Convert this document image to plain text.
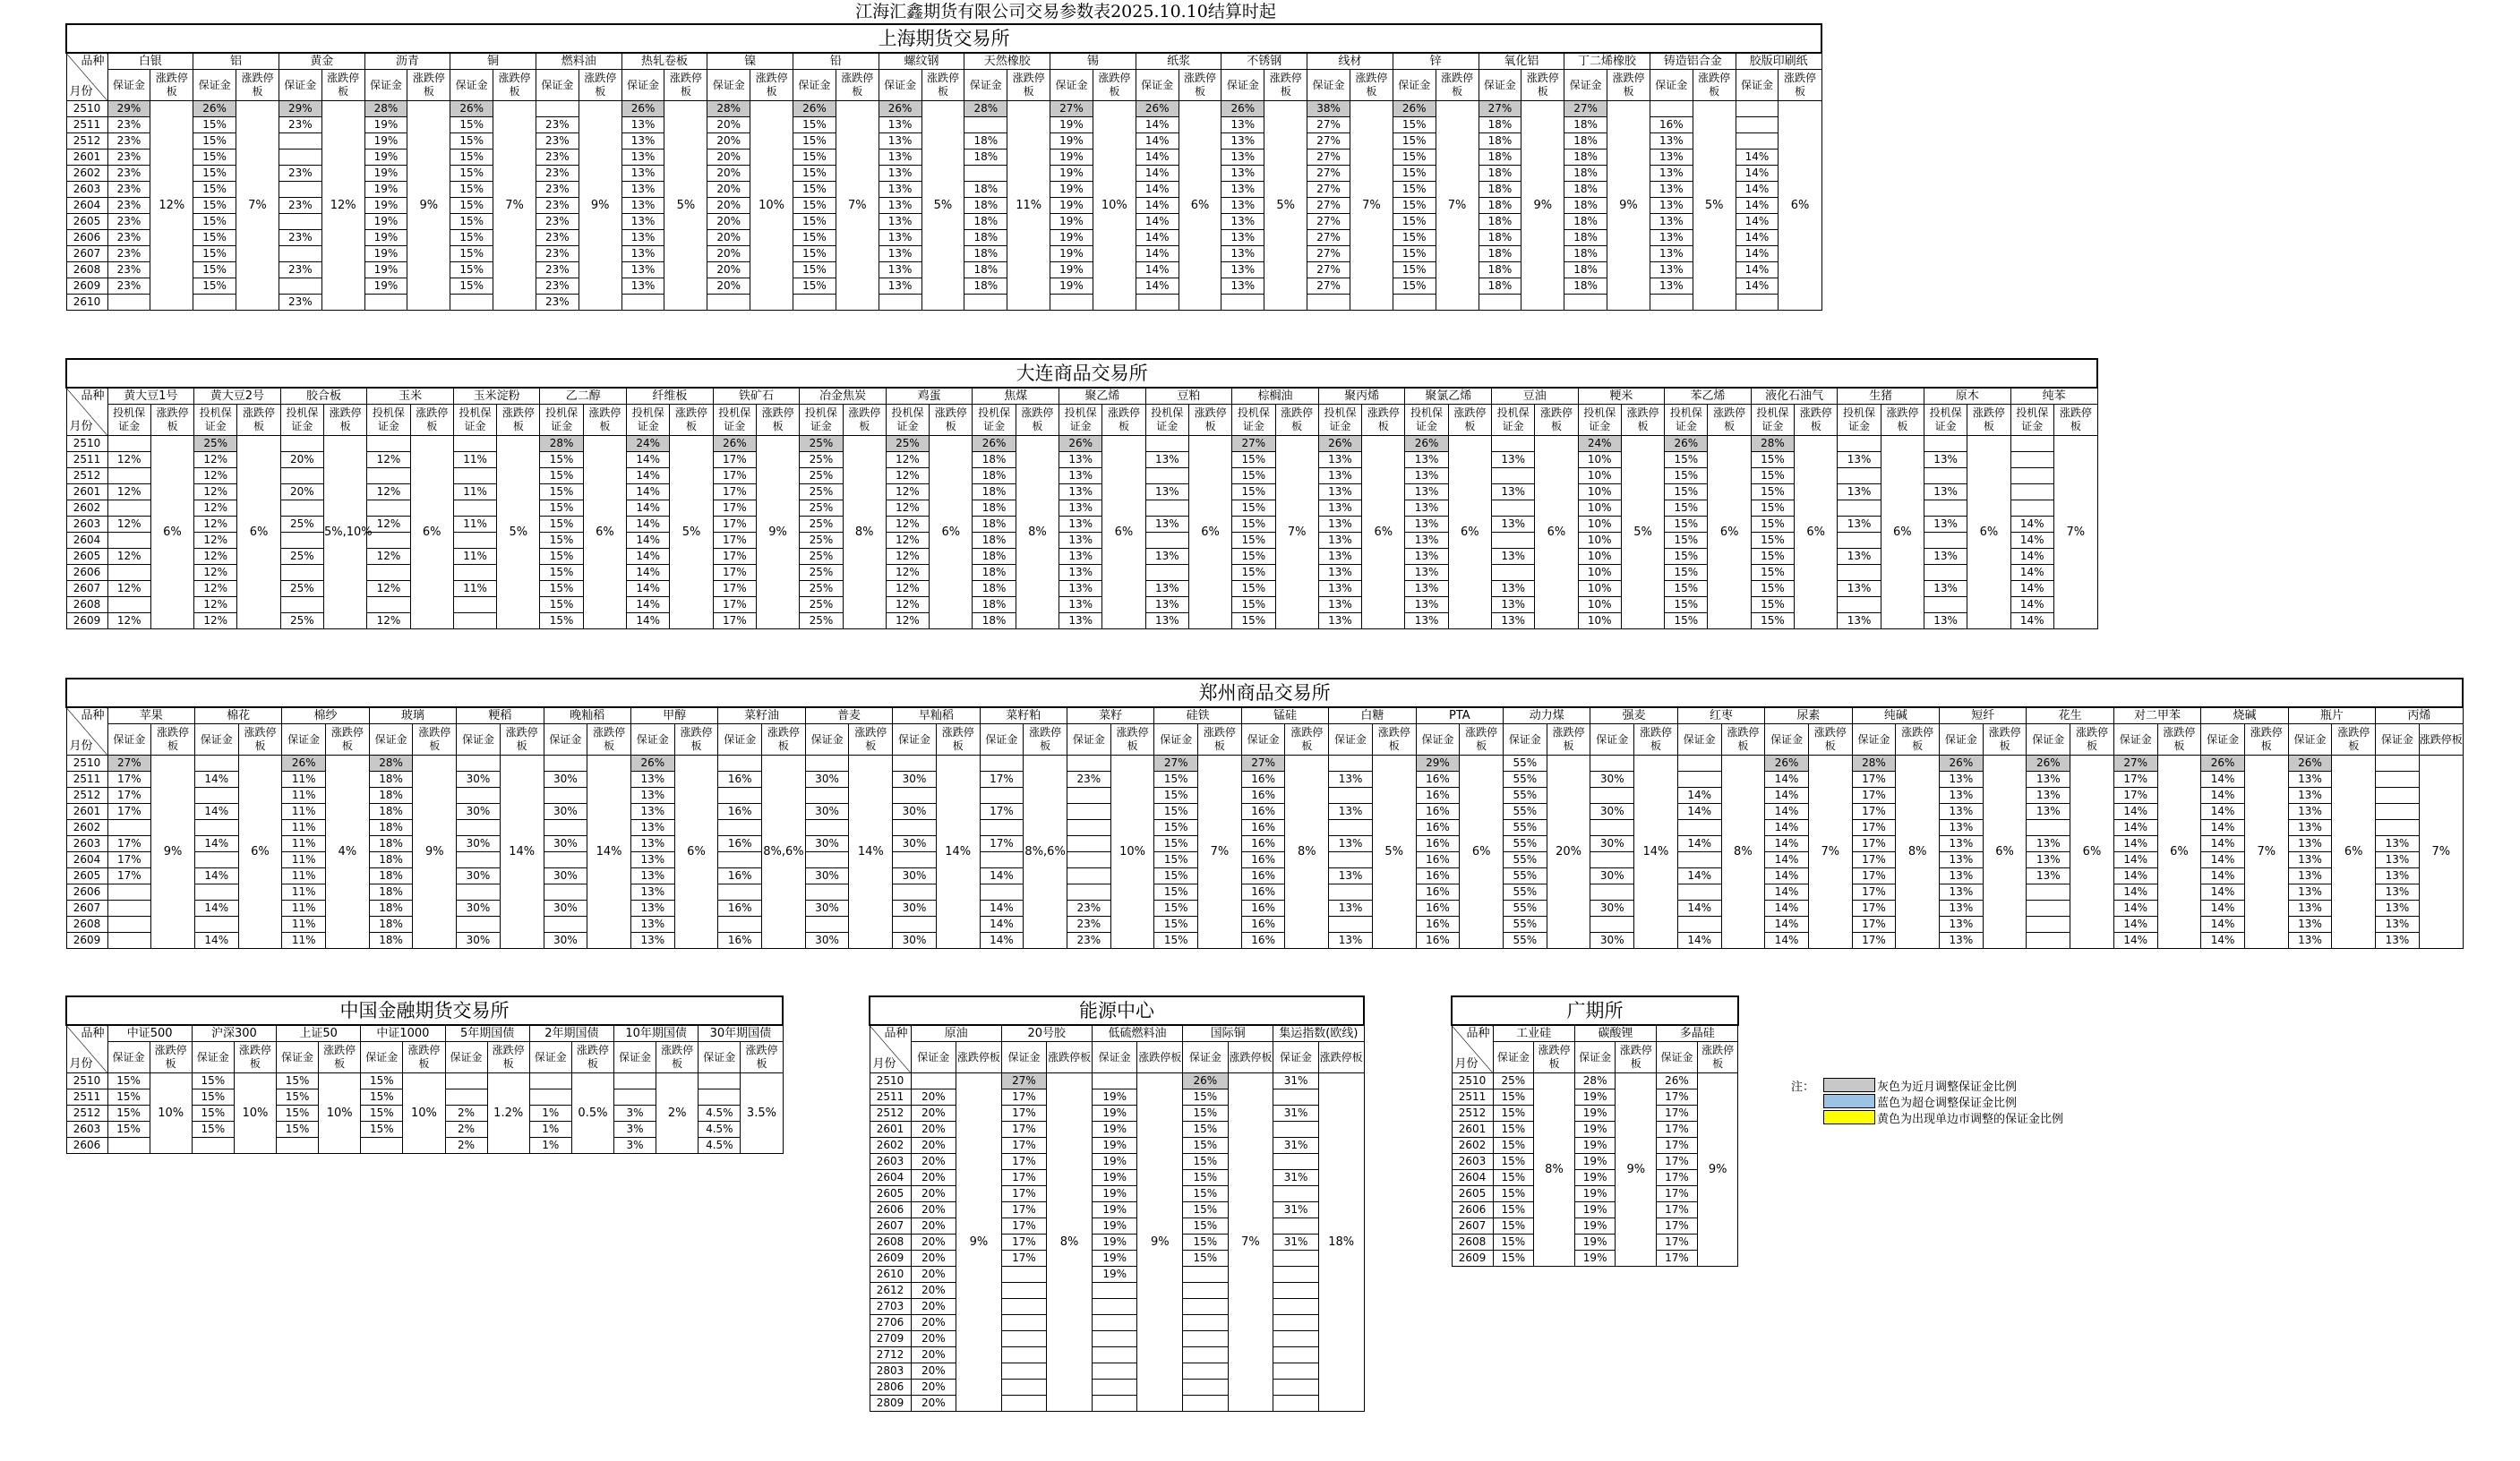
江海汇鑫期货有限公司交易参数表2025.10.10结算时起
上海期货交易所																																								

品种
月份	白银		铝		黄金		沥青		铜		燃料油		热轧卷板		镍		铅		螺纹钢		天然橡胶		锡		纸浆		不锈钢		线材		锌		氧化铝		丁二烯橡胶		铸造铝合金		胶版印刷纸	
	保证金	涨跌停板	保证金	涨跌停板	保证金	涨跌停板	保证金	涨跌停板	保证金	涨跌停板	保证金	涨跌停板	保证金	涨跌停板	保证金	涨跌停板	保证金	涨跌停板	保证金	涨跌停板	保证金	涨跌停板	保证金	涨跌停板	保证金	涨跌停板	保证金	涨跌停板	保证金	涨跌停板	保证金	涨跌停板	保证金	涨跌停板	保证金	涨跌停板	保证金	涨跌停板	保证金	涨跌停板
2510	29%	12%	26%	7%	29%	12%	28%	9%	26%	7%		9%	26%	5%	28%	10%	26%	7%	26%	5%	28%	11%	27%	10%	26%	6%	26%	5%	38%	7%	26%	7%	27%	9%	27%	9%		5%		6%
2511	23%		15%		23%		19%		15%		23%		13%		20%		15%		13%				19%		14%		13%		27%		15%		18%		18%		16%			
2512	23%		15%				19%		15%		23%		13%		20%		15%		13%		18%		19%		14%		13%		27%		15%		18%		18%		13%			
2601	23%		15%				19%		15%		23%		13%		20%		15%		13%		18%		19%		14%		13%		27%		15%		18%		18%		13%		14%	
2602	23%		15%		23%		19%		15%		23%		13%		20%		15%		13%				19%		14%		13%		27%		15%		18%		18%		13%		14%	
2603	23%		15%				19%		15%		23%		13%		20%		15%		13%		18%		19%		14%		13%		27%		15%		18%		18%		13%		14%	
2604	23%		15%		23%		19%		15%		23%		13%		20%		15%		13%		18%		19%		14%		13%		27%		15%		18%		18%		13%		14%	
2605	23%		15%				19%		15%		23%		13%		20%		15%		13%		18%		19%		14%		13%		27%		15%		18%		18%		13%		14%	
2606	23%		15%		23%		19%		15%		23%		13%		20%		15%		13%		18%		19%		14%		13%		27%		15%		18%		18%		13%		14%	
2607	23%		15%				19%		15%		23%		13%		20%		15%		13%		18%		19%		14%		13%		27%		15%		18%		18%		13%		14%	
2608	23%		15%		23%		19%		15%		23%		13%		20%		15%		13%		18%		19%		14%		13%		27%		15%		18%		18%		13%		14%	
2609	23%		15%				19%		15%		23%		13%		20%		15%		13%		18%		19%		14%		13%		27%		15%		18%		18%		13%		14%	
2610					23%						23%																													
大连商品交易所																																														

品种
月份	黄大豆1号		黄大豆2号		胶合板		玉米		玉米淀粉		乙二醇		纤维板		铁矿石		冶金焦炭		鸡蛋		焦煤		聚乙烯		豆粕		棕榈油		聚丙烯		聚氯乙烯		豆油		粳米		苯乙烯		液化石油气		生猪		原木		纯苯	
	投机保证金	涨跌停板	投机保证金	涨跌停板	投机保证金	涨跌停板	投机保证金	涨跌停板	投机保证金	涨跌停板	投机保证金	涨跌停板	投机保证金	涨跌停板	投机保证金	涨跌停板	投机保证金	涨跌停板	投机保证金	涨跌停板	投机保证金	涨跌停板	投机保证金	涨跌停板	投机保证金	涨跌停板	投机保证金	涨跌停板	投机保证金	涨跌停板	投机保证金	涨跌停板	投机保证金	涨跌停板	投机保证金	涨跌停板	投机保证金	涨跌停板	投机保证金	涨跌停板	投机保证金	涨跌停板	投机保证金	涨跌停板	投机保证金	涨跌停板
2510		6%	25%	6%		5%,10%		6%		5%	28%	6%	24%	5%	26%	9%	25%	8%	25%	6%	26%	8%	26%	6%		6%	27%	7%	26%	6%	26%	6%		6%	24%	5%	26%	6%	28%	6%		6%		6%		7%
2511	12%		12%		20%		12%		11%		15%		14%		17%		25%		12%		18%		13%		13%		15%		13%		13%		13%		10%		15%		15%		13%		13%			
2512			12%								15%		14%		17%		25%		12%		18%		13%				15%		13%		13%				10%		15%		15%							
2601	12%		12%		20%		12%		11%		15%		14%		17%		25%		12%		18%		13%		13%		15%		13%		13%		13%		10%		15%		15%		13%		13%			
2602			12%								15%		14%		17%		25%		12%		18%		13%				15%		13%		13%				10%		15%		15%							
2603	12%		12%		25%		12%		11%		15%		14%		17%		25%		12%		18%		13%		13%		15%		13%		13%		13%		10%		15%		15%		13%		13%		14%	
2604			12%								15%		14%		17%		25%		12%		18%		13%				15%		13%		13%				10%		15%		15%						14%	
2605	12%		12%		25%		12%		11%		15%		14%		17%		25%		12%		18%		13%		13%		15%		13%		13%		13%		10%		15%		15%		13%		13%		14%	
2606			12%								15%		14%		17%		25%		12%		18%		13%				15%		13%		13%				10%		15%		15%						14%	
2607	12%		12%		25%		12%		11%		15%		14%		17%		25%		12%		18%		13%		13%		15%		13%		13%		13%		10%		15%		15%		13%		13%		14%	
2608			12%								15%		14%		17%		25%		12%		18%		13%		13%		15%		13%		13%		13%		10%		15%		15%						14%	
2609	12%		12%		25%		12%				15%		14%		17%		25%		12%		18%		13%		13%		15%		13%		13%		13%		10%		15%		15%		13%		13%		14%	
郑州商品交易所																																																						

品种
月份	苹果		棉花		棉纱		玻璃		粳稻		晚籼稻		甲醇		菜籽油		普麦		早籼稻		菜籽粕		菜籽		硅铁		锰硅		白糖		PTA		动力煤		强麦		红枣		尿素		纯碱		短纤		花生		对二甲苯		烧碱		瓶片		丙烯	
	保证金	涨跌停板	保证金	涨跌停板	保证金	涨跌停板	保证金	涨跌停板	保证金	涨跌停板	保证金	涨跌停板	保证金	涨跌停板	保证金	涨跌停板	保证金	涨跌停板	保证金	涨跌停板	保证金	涨跌停板	保证金	涨跌停板	保证金	涨跌停板	保证金	涨跌停板	保证金	涨跌停板	保证金	涨跌停板	保证金	涨跌停板	保证金	涨跌停板	保证金	涨跌停板	保证金	涨跌停板	保证金	涨跌停板	保证金	涨跌停板	保证金	涨跌停板	保证金	涨跌停板	保证金	涨跌停板	保证金	涨跌停板	保证金	涨跌停板
2510	27%	9%		6%	26%	4%	28%	9%		14%		14%	26%	6%		8%,6%		14%		14%		8%,6%		10%	27%	7%	27%	8%		5%	29%	6%	55%	20%		14%		8%	26%	7%	28%	8%	26%	6%	26%	6%	27%	6%	26%	7%	26%	6%		7%
2511	17%		14%		11%		18%		30%		30%		13%		16%		30%		30%		17%		23%		15%		16%		13%		16%		55%		30%				14%		17%		13%		13%		17%		14%		13%			
2512	17%				11%		18%						13%												15%		16%				16%		55%				14%		14%		17%		13%		13%		17%		14%		13%			
2601	17%		14%		11%		18%		30%		30%		13%		16%		30%		30%		17%				15%		16%		13%		16%		55%		30%		14%		14%		17%		13%		13%		14%		14%		13%			
2602					11%		18%						13%												15%		16%				16%		55%						14%		17%		13%				14%		14%		13%			
2603	17%		14%		11%		18%		30%		30%		13%		16%		30%		30%		17%				15%		16%		13%		16%		55%		30%		14%		14%		17%		13%		13%		14%		14%		13%		13%	
2604	17%				11%		18%						13%												15%		16%				16%		55%						14%		17%		13%		13%		14%		14%		13%		13%	
2605	17%		14%		11%		18%		30%		30%		13%		16%		30%		30%		14%				15%		16%		13%		16%		55%		30%		14%		14%		17%		13%		13%		14%		14%		13%		13%	
2606					11%		18%						13%												15%		16%				16%		55%						14%		17%		13%				14%		14%		13%		13%	
2607			14%		11%		18%		30%		30%		13%		16%		30%		30%		14%		23%		15%		16%		13%		16%		55%		30%		14%		14%		17%		13%				14%		14%		13%		13%	
2608					11%		18%						13%								14%		23%		15%		16%				16%		55%						14%		17%		13%				14%		14%		13%		13%	
2609			14%		11%		18%		30%		30%		13%		16%		30%		30%		14%		23%		15%		16%		13%		16%		55%		30%		14%		14%		17%		13%				14%		14%		13%		13%	
中国金融期货交易所																

品种
月份	中证500		沪深300		上证50		中证1000		5年期国债		2年期国债		10年期国债		30年期国债	
	保证金	涨跌停板	保证金	涨跌停板	保证金	涨跌停板	保证金	涨跌停板	保证金	涨跌停板	保证金	涨跌停板	保证金	涨跌停板	保证金	涨跌停板
2510	15%	10%	15%	10%	15%	10%	15%	10%		1.2%		0.5%		2%		3.5%
2511	15%		15%		15%		15%									
2512	15%		15%		15%		15%		2%		1%		3%		4.5%	
2603	15%		15%		15%		15%		2%		1%		3%		4.5%	
2606									2%		1%		3%		4.5%	
能源中心										

品种
月份	原油		20号胶		低硫燃料油		国际铜		集运指数(欧线)	
	保证金	涨跌停板	保证金	涨跌停板	保证金	涨跌停板	保证金	涨跌停板	保证金	涨跌停板
2510		9%	27%	8%		9%	26%	7%	31%	18%
2511	20%		17%		19%		15%			
2512	20%		17%		19%		15%		31%	
2601	20%		17%		19%		15%			
2602	20%		17%		19%		15%		31%	
2603	20%		17%		19%		15%			
2604	20%		17%		19%		15%		31%	
2605	20%		17%		19%		15%			
2606	20%		17%		19%		15%		31%	
2607	20%		17%		19%		15%			
2608	20%		17%		19%		15%		31%	
2609	20%		17%		19%		15%			
2610	20%				19%					
2612	20%									
2703	20%									
2706	20%									
2709	20%									
2712	20%									
2803	20%									
2806	20%									
2809	20%									
广期所						

品种
月份	工业硅		碳酸锂		多晶硅	
	保证金	涨跌停板	保证金	涨跌停板	保证金	涨跌停板
2510	25%	8%	28%	9%	26%	9%
2511	15%		19%		17%	
2512	15%		19%		17%	
2601	15%		19%		17%	
2602	15%		19%		17%	
2603	15%		19%		17%	
2604	15%		19%		17%	
2605	15%		19%		17%	
2606	15%		19%		17%	
2607	15%		19%		17%	
2608	15%		19%		17%	
2609	15%		19%		17%	
注：	灰色为近月调整保证金比例
蓝色为超仓调整保证金比例
黄色为出现单边市调整的保证金比例
